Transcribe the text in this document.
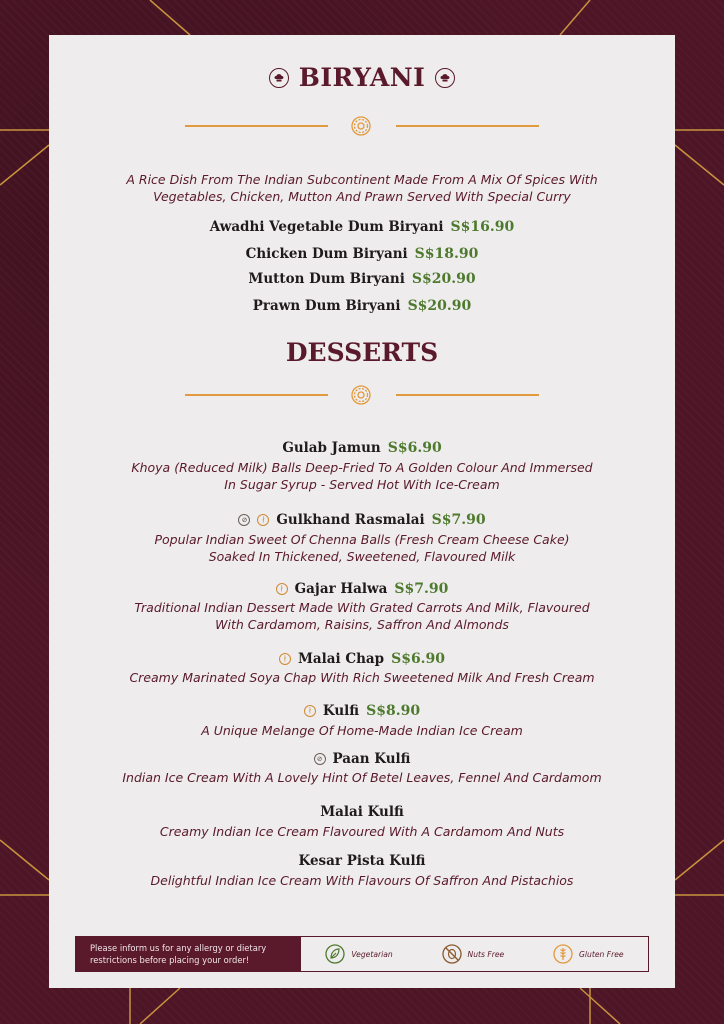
BIRYANI
A Rice Dish From The Indian Subcontinent Made From A Mix Of Spices With
Vegetables, Chicken, Mutton And Prawn Served With Special Curry
Awadhi Vegetable Dum Biryani S$16.90
Chicken Dum Biryani S$18.90
Mutton Dum Biryani S$20.90
Prawn Dum Biryani S$20.90
DESSERTS
Gulab Jamun S$6.90
Khoya (Reduced Milk) Balls Deep-Fried To A Golden Colour And Immersed
In Sugar Syrup - Served Hot With Ice-Cream
⊘	∤ Gulkhand Rasmalai S$7.90
Popular Indian Sweet Of Chenna Balls (Fresh Cream Cheese Cake)
Soaked In Thickened, Sweetened, Flavoured Milk
∤ Gajar Halwa S$7.90
Traditional Indian Dessert Made With Grated Carrots And Milk, Flavoured
With Cardamom, Raisins, Saffron And Almonds
∤ Malai Chap S$6.90
Creamy Marinated Soya Chap With Rich Sweetened Milk And Fresh Cream
∤ Kulfi S$8.90
A Unique Melange Of Home-Made Indian Ice Cream
⊘ Paan Kulfi
Indian Ice Cream With A Lovely Hint Of Betel Leaves, Fennel And Cardamom
Malai Kulfi
Creamy Indian Ice Cream Flavoured With A Cardamom And Nuts
Kesar Pista Kulfi
Delightful Indian Ice Cream With Flavours Of Saffron And Pistachios
Please inform us for any allergy or dietary
restrictions before placing your order!
Vegetarian	Nuts Free	Gluten Free
